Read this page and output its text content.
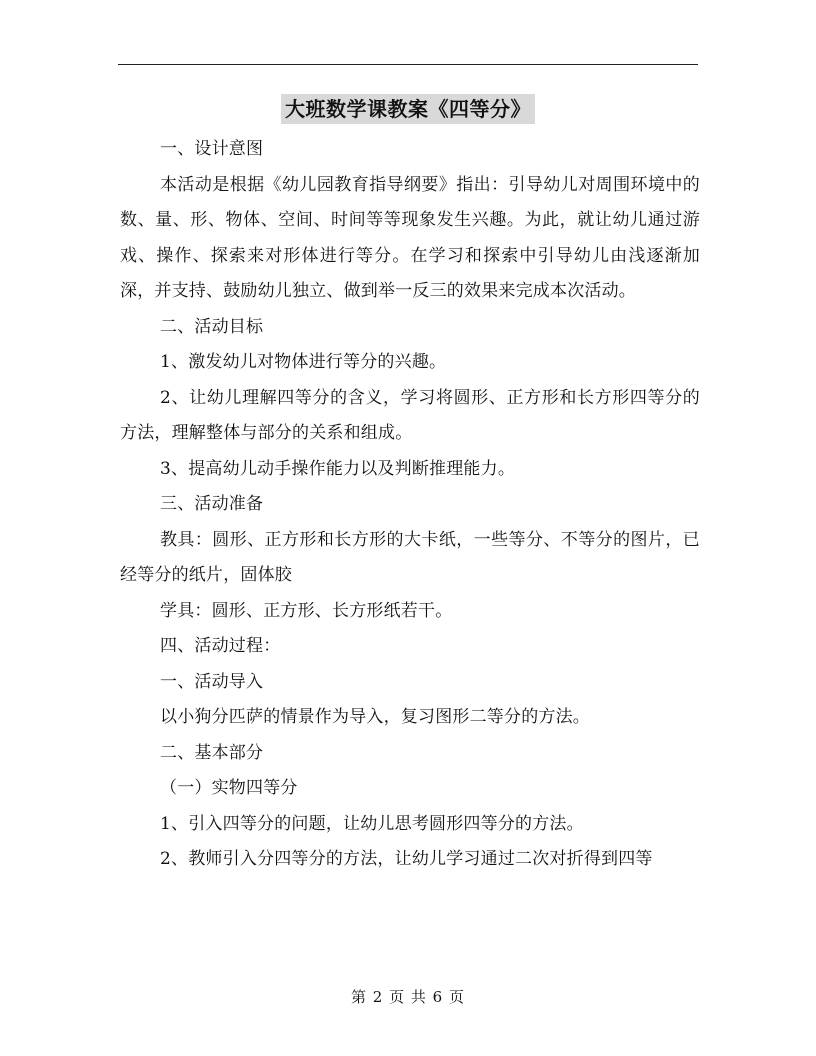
大班数学课教案《四等分》

一、设计意图

本活动是根据《幼儿园教育指导纲要》指出：引导幼儿对周围环境中的数、量、形、物体、空间、时间等等现象发生兴趣。为此，就让幼儿通过游戏、操作、探索来对形体进行等分。在学习和探索中引导幼儿由浅逐渐加深，并支持、鼓励幼儿独立、做到举一反三的效果来完成本次活动。

二、活动目标

1、激发幼儿对物体进行等分的兴趣。

2、让幼儿理解四等分的含义，学习将圆形、正方形和长方形四等分的方法，理解整体与部分的关系和组成。

3、提高幼儿动手操作能力以及判断推理能力。

三、活动准备

教具：圆形、正方形和长方形的大卡纸，一些等分、不等分的图片，已经等分的纸片，固体胶

学具：圆形、正方形、长方形纸若干。

四、活动过程：

一、活动导入

以小狗分匹萨的情景作为导入，复习图形二等分的方法。

二、基本部分

（一）实物四等分

1、引入四等分的问题，让幼儿思考圆形四等分的方法。

2、教师引入分四等分的方法，让幼儿学习通过二次对折得到四等

第 2 页 共 6 页
